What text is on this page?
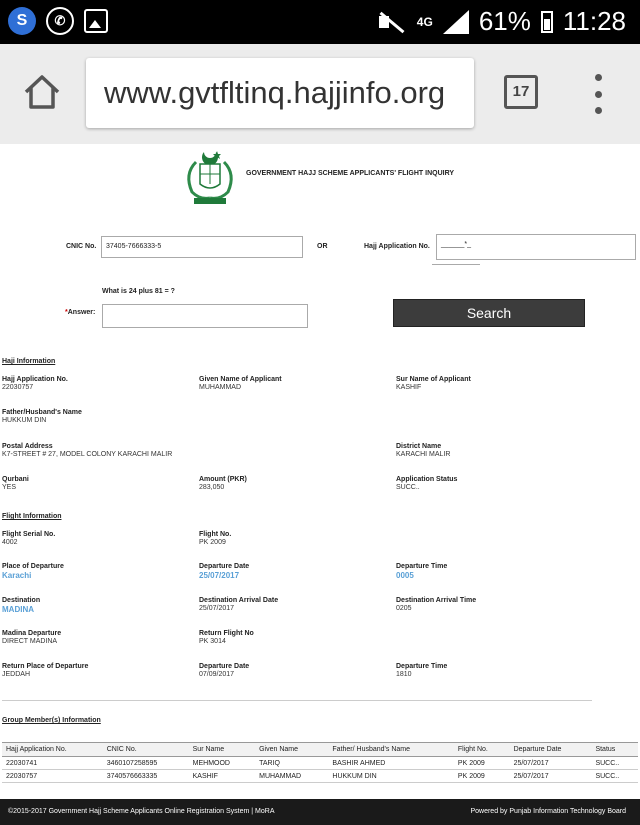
S	✆	4G 61% 11:28
www.gvtfltinq.hajjinfo.org	17
GOVERNMENT HAJJ SCHEME APPLICANTS' FLIGHT INQUIRY
CNIC No.	37405-7666333-5	OR	Hajj Application No.	______*_
What is 24 plus 81 = ?
*Answer:	Search
Haji Information
Hajj Application No.
22030757
Given Name of Applicant
MUHAMMAD
Sur Name of Applicant
KASHIF
Father/Husband's Name
HUKKUM DIN
Postal Address
K7-STREET # 27, MODEL COLONY KARACHI MALIR
District Name
KARACHI MALIR
Qurbani
YES
Amount (PKR)
283,050
Application Status
SUCC..
Flight Information
Flight Serial No.
4002
Flight No.
PK 2009
Place of Departure
Karachi
Departure Date
25/07/2017
Departure Time
0005
Destination
MADINA
Destination Arrival Date
25/07/2017
Destination Arrival Time
0205
Madina Departure
DIRECT MADINA
Return Flight No
PK 3014
Return Place of Departure
JEDDAH
Departure Date
07/09/2017
Departure Time
1810
Group Member(s) Information
Hajj Application No.	CNIC No.	Sur Name	Given Name	Father/ Husband's Name	Flight No.	Departure Date	Status
22030741	3460107258595	MEHMOOD	TARIQ	BASHIR AHMED	PK 2009	25/07/2017	SUCC..
22030757	3740576663335	KASHIF	MUHAMMAD	HUKKUM DIN	PK 2009	25/07/2017	SUCC..
©2015-2017 Government Hajj Scheme Applicants Online Registration System | MoRA	Powered by Punjab Information Technology Board
